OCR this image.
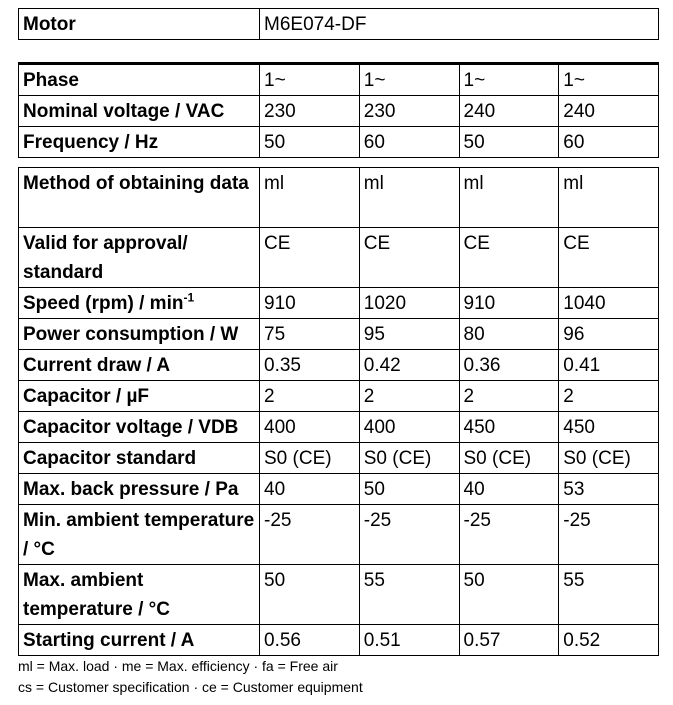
Motor	M6E074-DF
Phase	1~	1~	1~	1~
Nominal voltage / VAC	230	230	240	240
Frequency / Hz	50	60	50	60
Method of obtaining data	ml	ml	ml	ml
Valid for approval/ standard	CE	CE	CE	CE
Speed $(rpm) / \min^{-1}$	910	1020	910	1040
Power consumption / W	75	95	80	96
Current draw / A	0.35	0.42	0.36	0.41
Capacitor / µF	2	2	2	2
Capacitor voltage / VDB	400	400	450	450
Capacitor standard	S0 (CE)	S0 (CE)	S0 (CE)	S0 (CE)
Max. back pressure / Pa	40	50	40	53
Min. ambient temperature / °C	-25	-25	-25	-25
Max. ambient temperature / °C	50	55	50	55
Starting current / A	0.56	0.51	0.57	0.52
ml = Max. load · me = Max. efficiency · fa = Free air
cs = Customer specification · ce = Customer equipment
